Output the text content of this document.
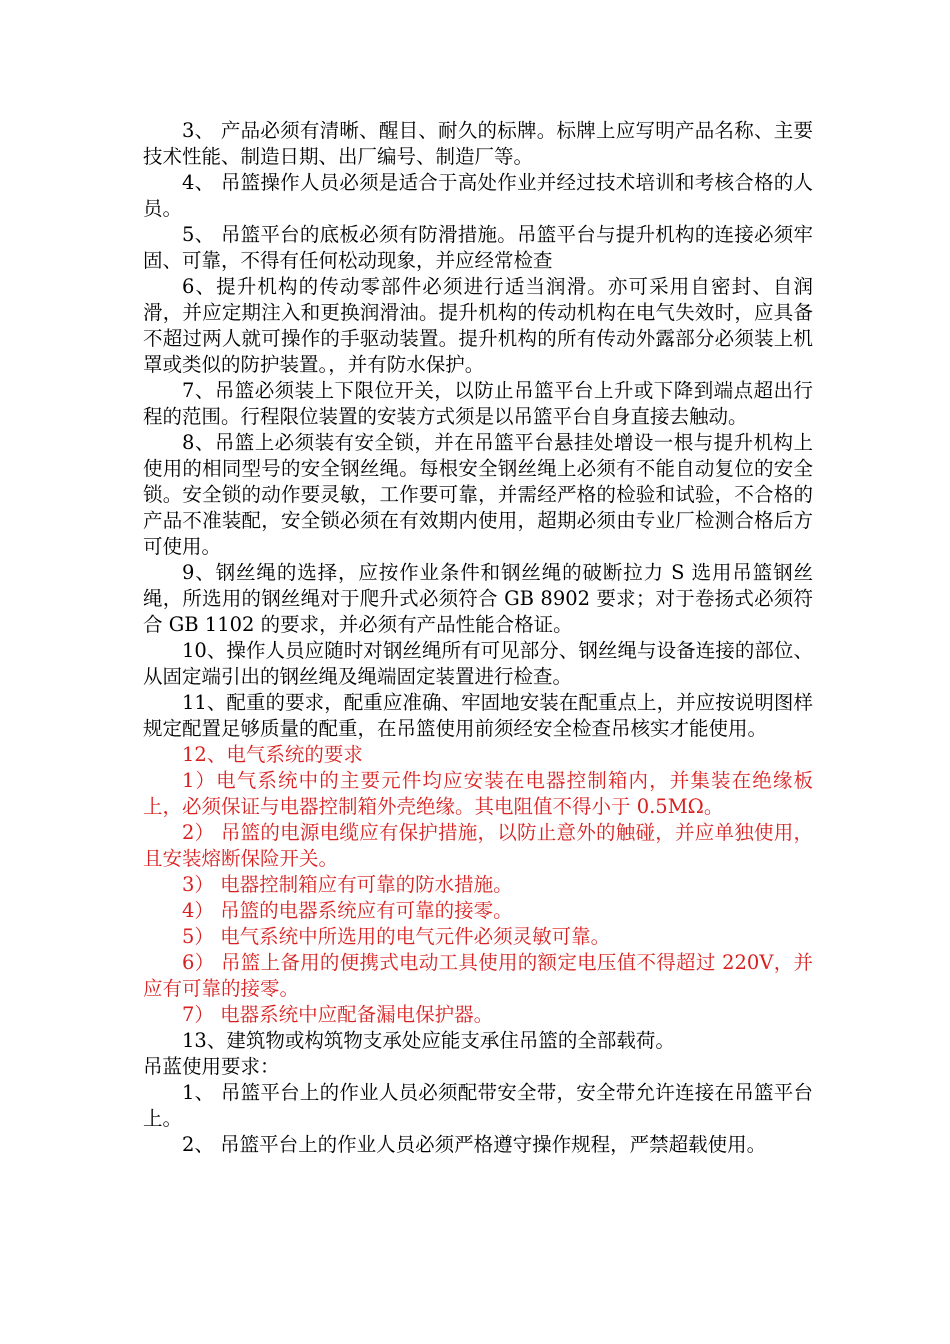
3、 产品必须有清晰、醒目、耐久的标牌。标牌上应写明产品名称、主要技术性能、制造日期、出厂编号、制造厂等。

4、 吊篮操作人员必须是适合于高处作业并经过技术培训和考核合格的人员。

5、 吊篮平台的底板必须有防滑措施。吊篮平台与提升机构的连接必须牢固、可靠，不得有任何松动现象，并应经常检查

6、提升机构的传动零部件必须进行适当润滑。亦可采用自密封、自润滑，并应定期注入和更换润滑油。提升机构的传动机构在电气失效时，应具备不超过两人就可操作的手驱动装置。提升机构的所有传动外露部分必须装上机罩或类似的防护装置。，并有防水保护。

7、吊篮必须装上下限位开关，以防止吊篮平台上升或下降到端点超出行程的范围。行程限位装置的安装方式须是以吊篮平台自身直接去触动。

8、吊篮上必须装有安全锁，并在吊篮平台悬挂处增设一根与提升机构上使用的相同型号的安全钢丝绳。每根安全钢丝绳上必须有不能自动复位的安全锁。安全锁的动作要灵敏，工作要可靠，并需经严格的检验和试验，不合格的产品不准装配，安全锁必须在有效期内使用，超期必须由专业厂检测合格后方可使用。

9、钢丝绳的选择，应按作业条件和钢丝绳的破断拉力 S 选用吊篮钢丝绳，所选用的钢丝绳对于爬升式必须符合 GB 8902 要求；对于卷扬式必须符合 GB 1102 的要求，并必须有产品性能合格证。

10、操作人员应随时对钢丝绳所有可见部分、钢丝绳与设备连接的部位、从固定端引出的钢丝绳及绳端固定装置进行检查。

11、配重的要求，配重应准确、牢固地安装在配重点上，并应按说明图样规定配置足够质量的配重，在吊篮使用前须经安全检查吊核实才能使用。

12、电气系统的要求

1）电气系统中的主要元件均应安装在电器控制箱内，并集装在绝缘板上，必须保证与电器控制箱外壳绝缘。其电阻值不得小于 0.5MΩ。

2） 吊篮的电源电缆应有保护措施，以防止意外的触碰，并应单独使用，且安装熔断保险开关。

3） 电器控制箱应有可靠的防水措施。

4） 吊篮的电器系统应有可靠的接零。

5） 电气系统中所选用的电气元件必须灵敏可靠。

6） 吊篮上备用的便携式电动工具使用的额定电压值不得超过 220V，并应有可靠的接零。

7） 电器系统中应配备漏电保护器。

13、建筑物或构筑物支承处应能支承住吊篮的全部载荷。

吊蓝使用要求：

1、 吊篮平台上的作业人员必须配带安全带，安全带允许连接在吊篮平台上。

2、 吊篮平台上的作业人员必须严格遵守操作规程，严禁超载使用。
